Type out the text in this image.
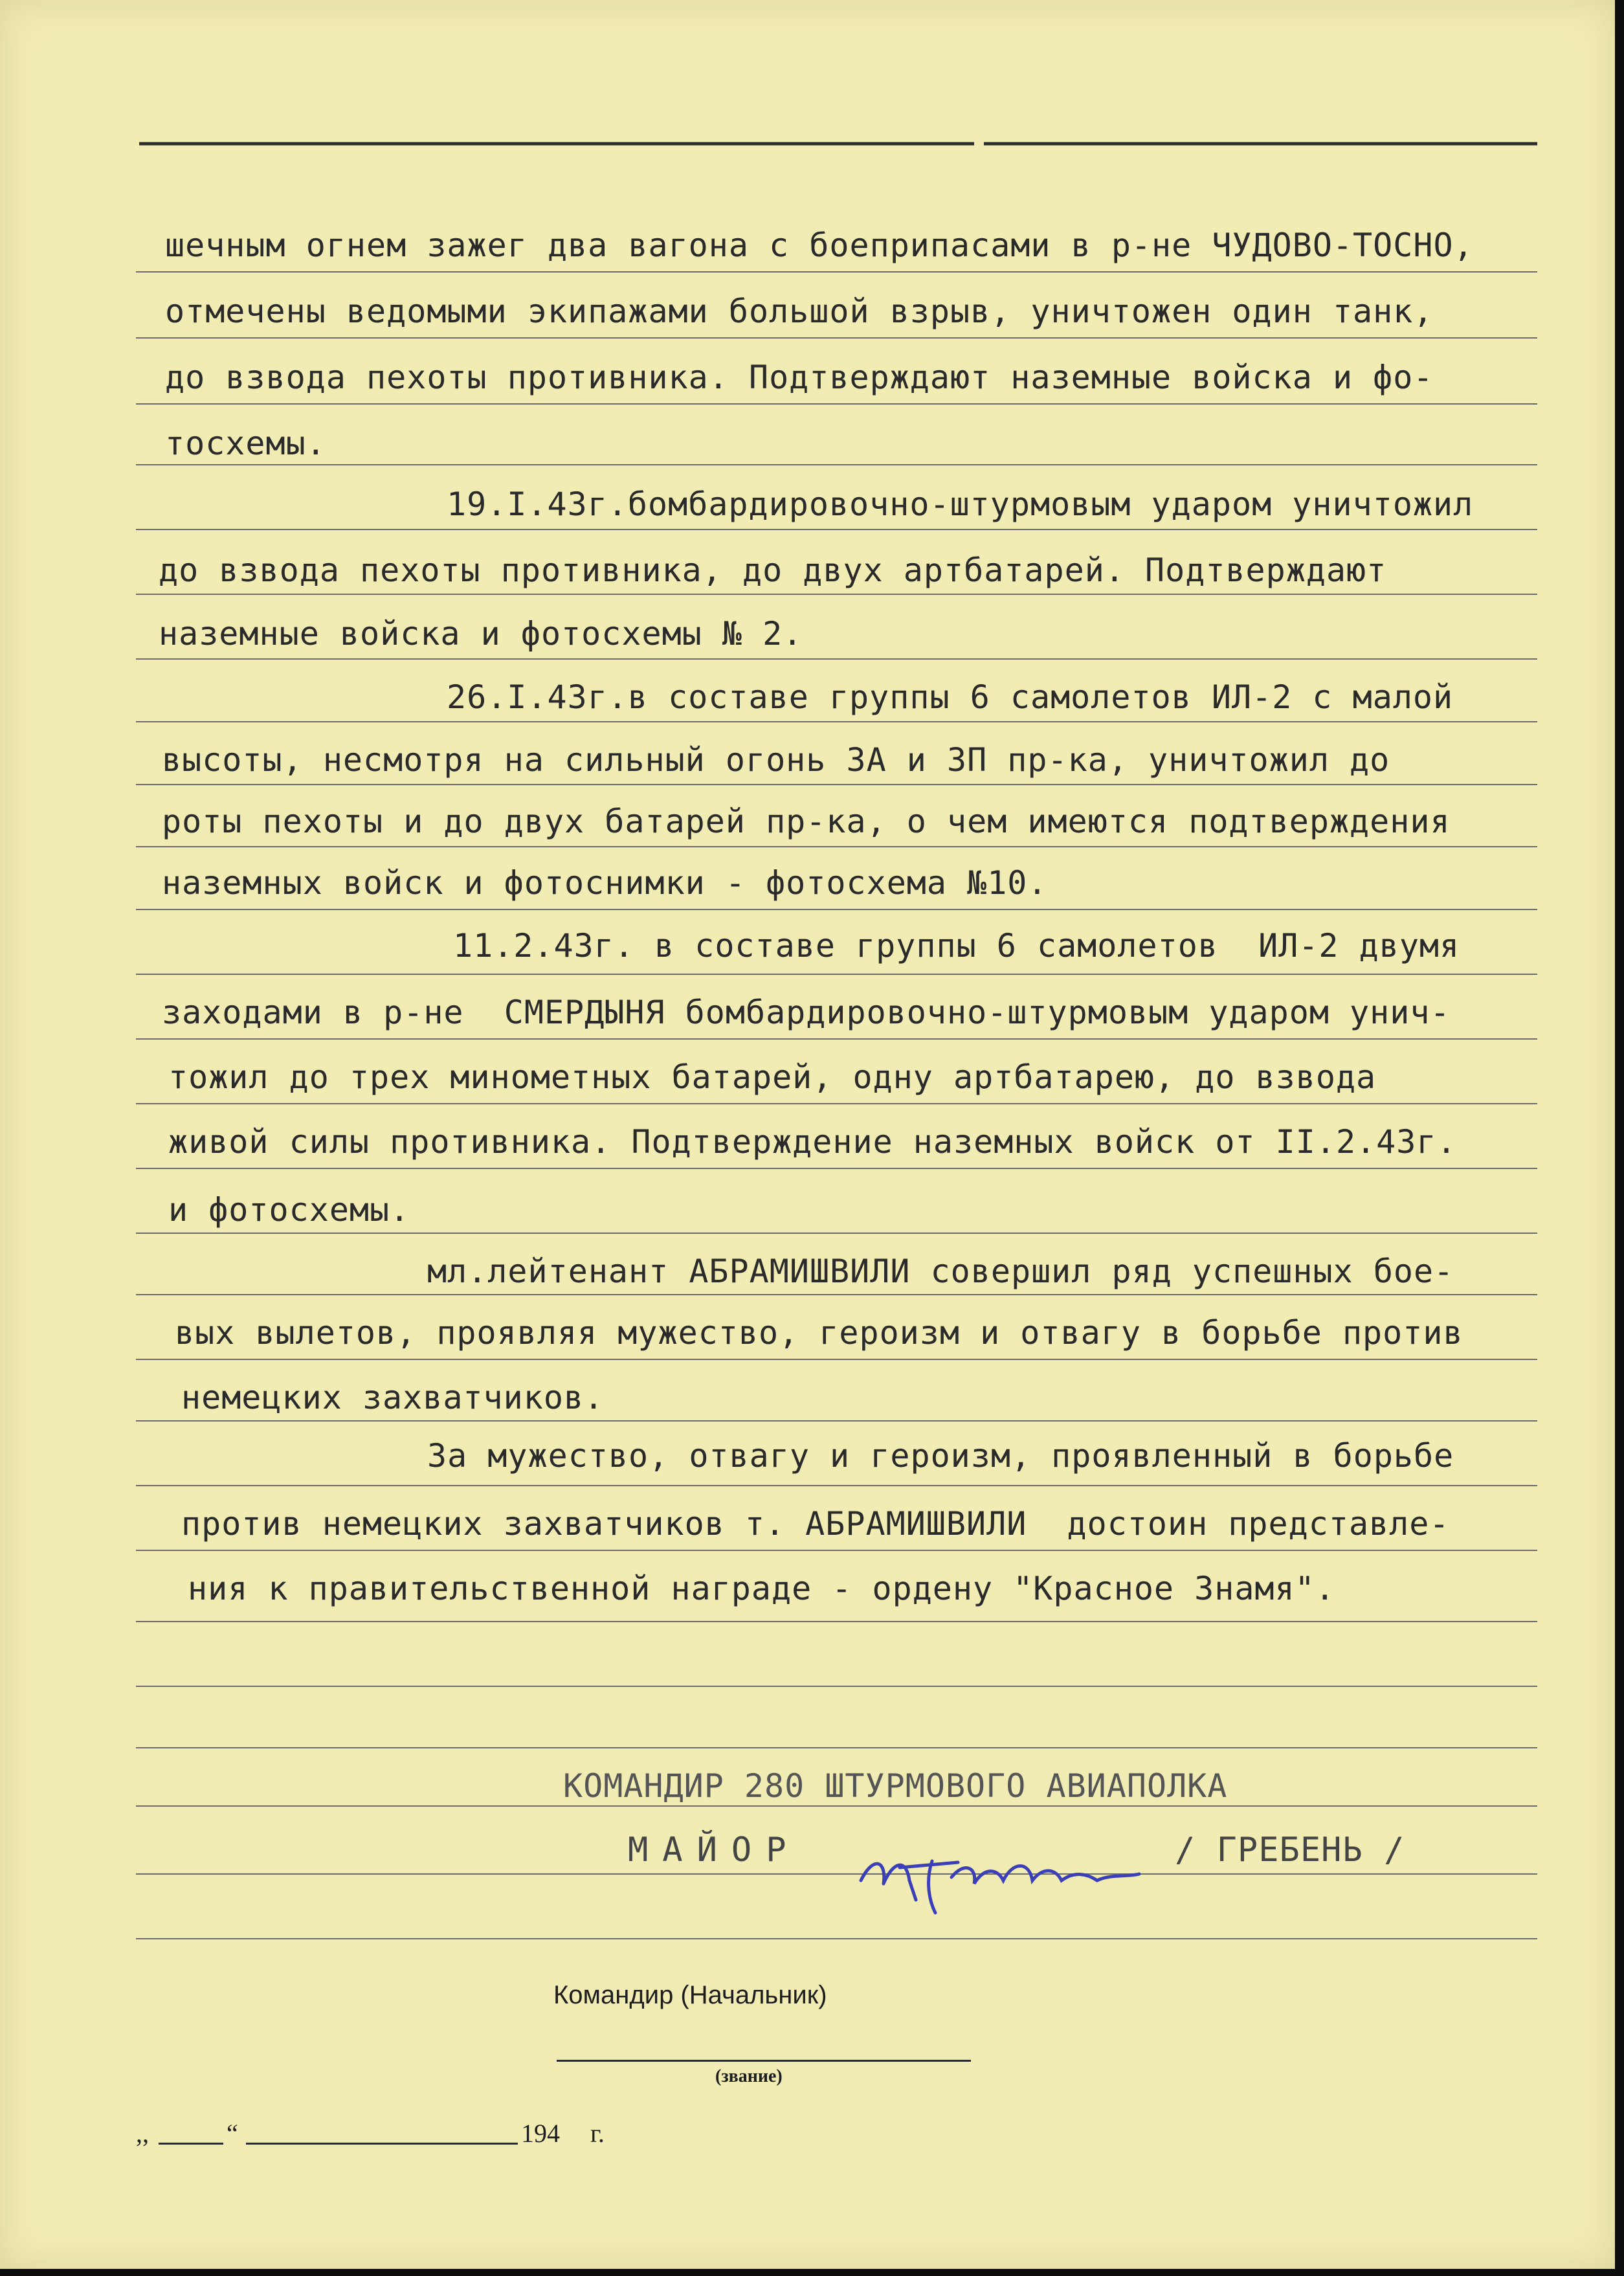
шечным огнем зажег два вагона с боеприпасами в р-не ЧУДОВО-ТОСНО,

отмечены ведомыми экипажами большой взрыв, уничтожен один танк,

до взвода пехоты противника. Подтверждают наземные войска и фо-

тосхемы.

19.I.43г.бомбардировочно-штурмовым ударом уничтожил

до взвода пехоты противника, до двух артбатарей. Подтверждают

наземные войска и фотосхемы № 2.

26.I.43г.в составе группы 6 самолетов ИЛ-2 с малой

высоты, несмотря на сильный огонь ЗА и ЗП пр-ка, уничтожил до

роты пехоты и до двух батарей пр-ка, о чем имеются подтверждения

наземных войск и фотоснимки - фотосхема №10.

11.2.43г. в составе группы 6 самолетов  ИЛ-2 двумя

заходами в р-не  СМЕРДЫНЯ бомбардировочно-штурмовым ударом унич-

тожил до трех минометных батарей, одну артбатарею, до взвода

живой силы противника. Подтверждение наземных войск от II.2.43г.

и фотосхемы.

мл.лейтенант АБРАМИШВИЛИ совершил ряд успешных бое-

вых вылетов, проявляя мужество, героизм и отвагу в борьбе против

немецких захватчиков.

За мужество, отвагу и героизм, проявленный в борьбе

против немецких захватчиков т. АБРАМИШВИЛИ  достоин представле-

ния к правительственной награде - ордену "Красное Знамя".

КОМАНДИР 280 ШТУРМОВОГО АВИАПОЛКА

МАЙОР	/ ГРЕБЕНЬ /

Командир (Начальник)
(звание)
,,	“	194 г.
